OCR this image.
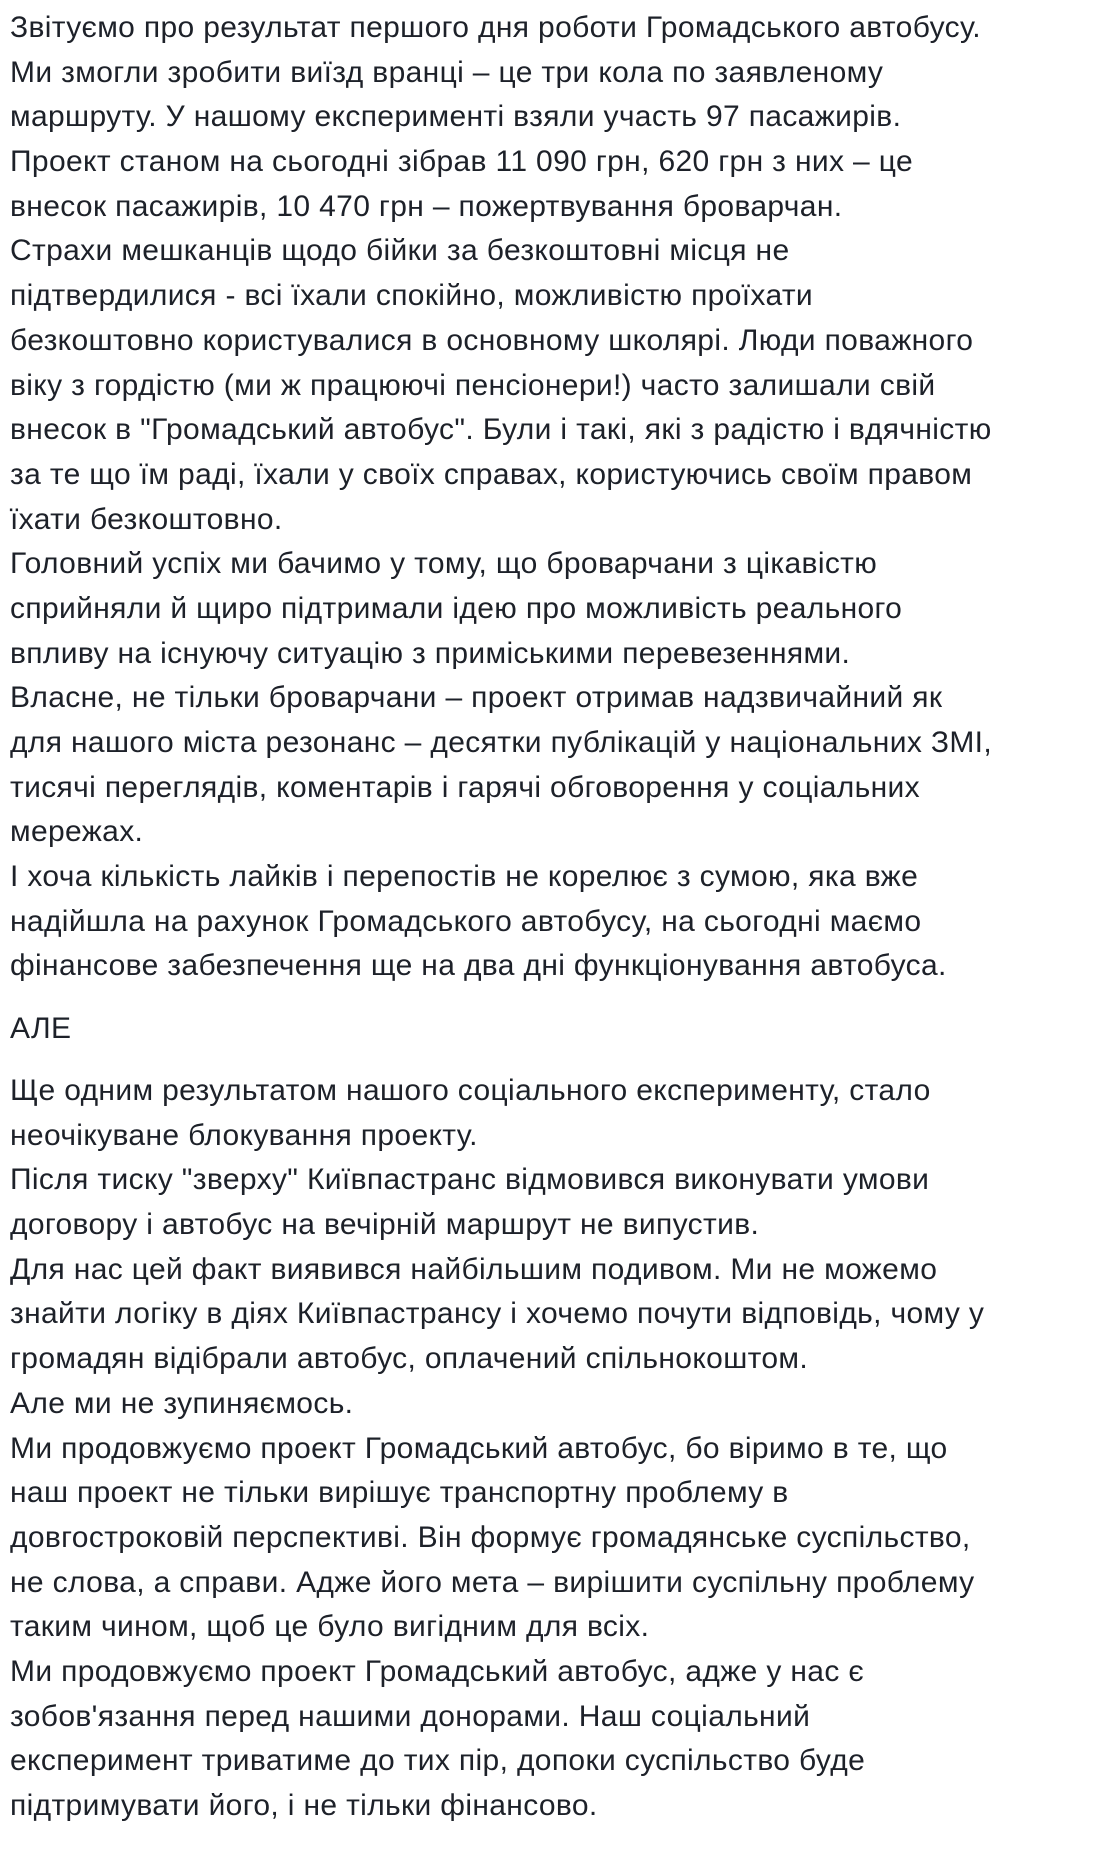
Звітуємо про результат першого дня роботи Громадського автобусу.
Ми змогли зробити виїзд вранці – це три кола по заявленому
маршруту. У нашому експерименті взяли участь 97 пасажирів.
Проект станом на сьогодні зібрав 11 090 грн, 620 грн з них – це
внесок пасажирів, 10 470 грн – пожертвування броварчан.
Страхи мешканців щодо бійки за безкоштовні місця не
підтвердилися - всі їхали спокійно, можливістю проїхати
безкоштовно користувалися в основному школярі. Люди поважного
віку з гордістю (ми ж працюючі пенсіонери!) часто залишали свій
внесок в "Громадський автобус". Були і такі, які з радістю і вдячністю
за те що їм раді, їхали у своїх справах, користуючись своїм правом
їхати безкоштовно.
Головний успіх ми бачимо у тому, що броварчани з цікавістю
сприйняли й щиро підтримали ідею про можливість реального
впливу на існуючу ситуацію з приміськими перевезеннями.
Власне, не тільки броварчани – проект отримав надзвичайний як
для нашого міста резонанс – десятки публікацій у національних ЗМІ,
тисячі переглядів, коментарів і гарячі обговорення у соціальних
мережах.
І хоча кількість лайків і перепостів не корелює з сумою, яка вже
надійшла на рахунок Громадського автобусу, на сьогодні маємо
фінансове забезпечення ще на два дні функціонування автобуса.
АЛЕ
Ще одним результатом нашого соціального експерименту, стало
неочікуване блокування проекту.
Після тиску "зверху" Київпастранс відмовився виконувати умови
договору і автобус на вечірній маршрут не випустив.
Для нас цей факт виявився найбільшим подивом. Ми не можемо
знайти логіку в діях Київпастрансу і хочемо почути відповідь, чому у
громадян відібрали автобус, оплачений спільнокоштом.
Але ми не зупиняємось.
Ми продовжуємо проект Громадський автобус, бо віримо в те, що
наш проект не тільки вирішує транспортну проблему в
довгостроковій перспективі. Він формує громадянське суспільство,
не слова, а справи. Адже його мета – вирішити суспільну проблему
таким чином, щоб це було вигідним для всіх.
Ми продовжуємо проект Громадський автобус, адже у нас є
зобов'язання перед нашими донорами. Наш соціальний
експеримент триватиме до тих пір, допоки суспільство буде
підтримувати його, і не тільки фінансово.
